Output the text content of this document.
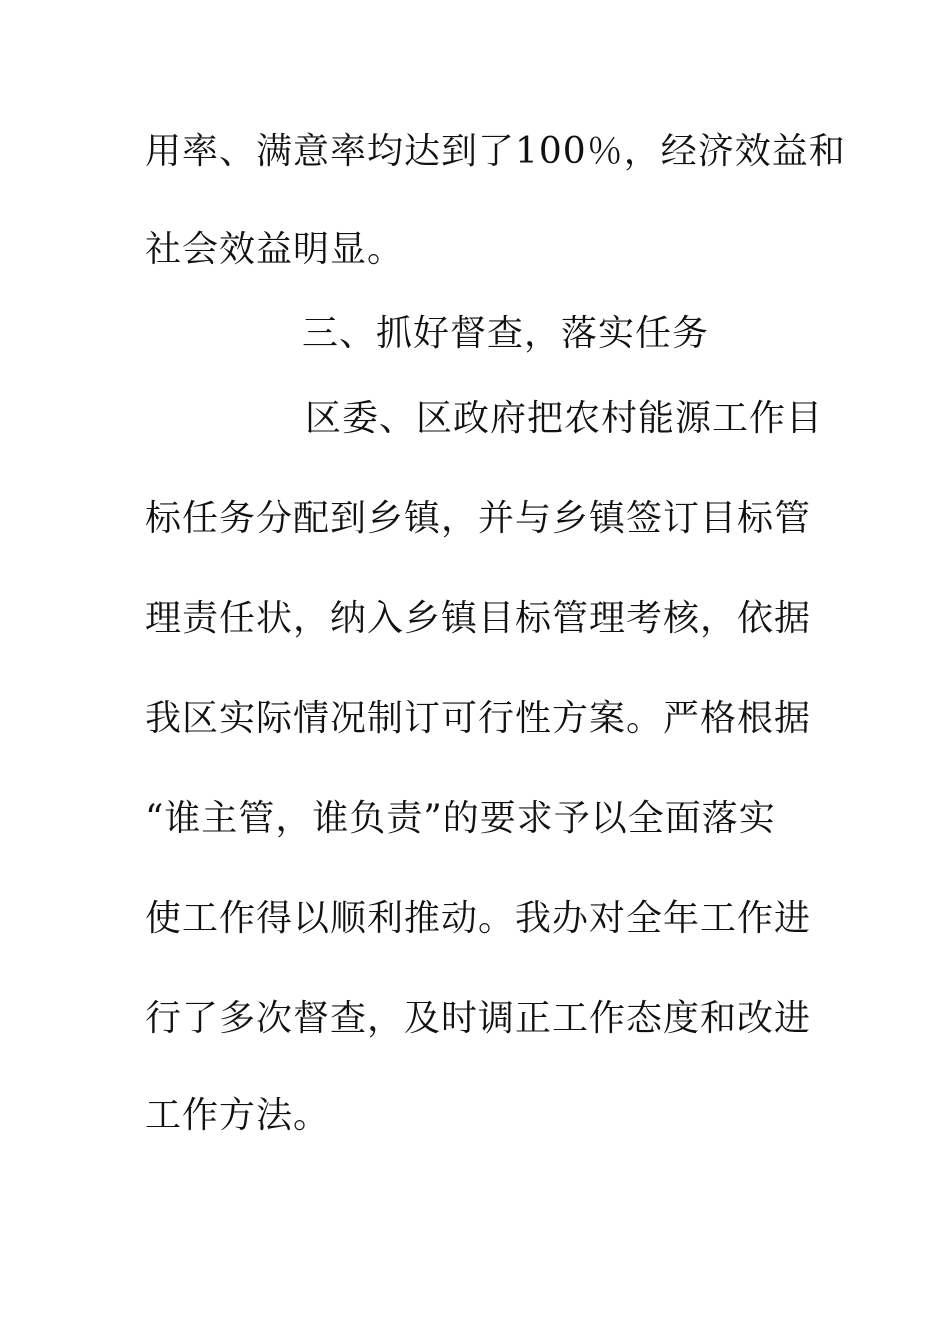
用率、满意率均达到了100％，经济效益和
社会效益明显。
三、抓好督查，落实任务
区委、区政府把农村能源工作目
标任务分配到乡镇，并与乡镇签订目标管
理责任状，纳入乡镇目标管理考核，依据
我区实际情况制订可行性方案。严格根据
“谁主管，谁负责”的要求予以全面落实
使工作得以顺利推动。我办对全年工作进
行了多次督查，及时调正工作态度和改进
工作方法。
